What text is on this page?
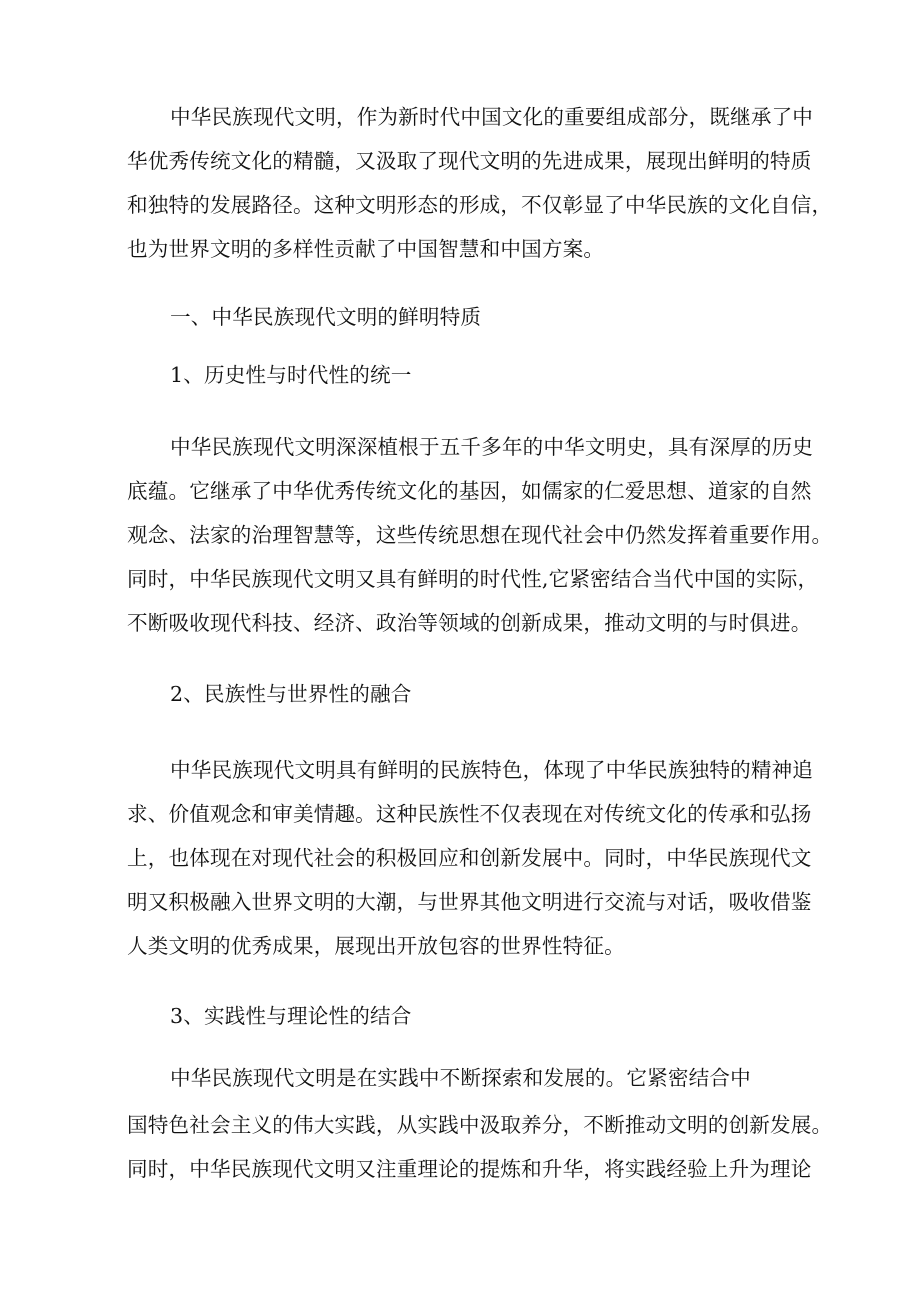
中华民族现代文明，作为新时代中国文化的重要组成部分，既继承了中
华优秀传统文化的精髓，又汲取了现代文明的先进成果，展现出鲜明的特质
和独特的发展路径。这种文明形态的形成，不仅彰显了中华民族的文化自信，
也为世界文明的多样性贡献了中国智慧和中国方案。
一、中华民族现代文明的鲜明特质
1、历史性与时代性的统一
中华民族现代文明深深植根于五千多年的中华文明史，具有深厚的历史
底蕴。它继承了中华优秀传统文化的基因，如儒家的仁爱思想、道家的自然
观念、法家的治理智慧等，这些传统思想在现代社会中仍然发挥着重要作用。
同时，中华民族现代文明又具有鲜明的时代性,它紧密结合当代中国的实际，
不断吸收现代科技、经济、政治等领域的创新成果，推动文明的与时俱进。
2、民族性与世界性的融合
中华民族现代文明具有鲜明的民族特色，体现了中华民族独特的精神追
求、价值观念和审美情趣。这种民族性不仅表现在对传统文化的传承和弘扬
上，也体现在对现代社会的积极回应和创新发展中。同时，中华民族现代文
明又积极融入世界文明的大潮，与世界其他文明进行交流与对话，吸收借鉴
人类文明的优秀成果，展现出开放包容的世界性特征。
3、实践性与理论性的结合
中华民族现代文明是在实践中不断探索和发展的。它紧密结合中
国特色社会主义的伟大实践，从实践中汲取养分，不断推动文明的创新发展。
同时，中华民族现代文明又注重理论的提炼和升华，将实践经验上升为理论
